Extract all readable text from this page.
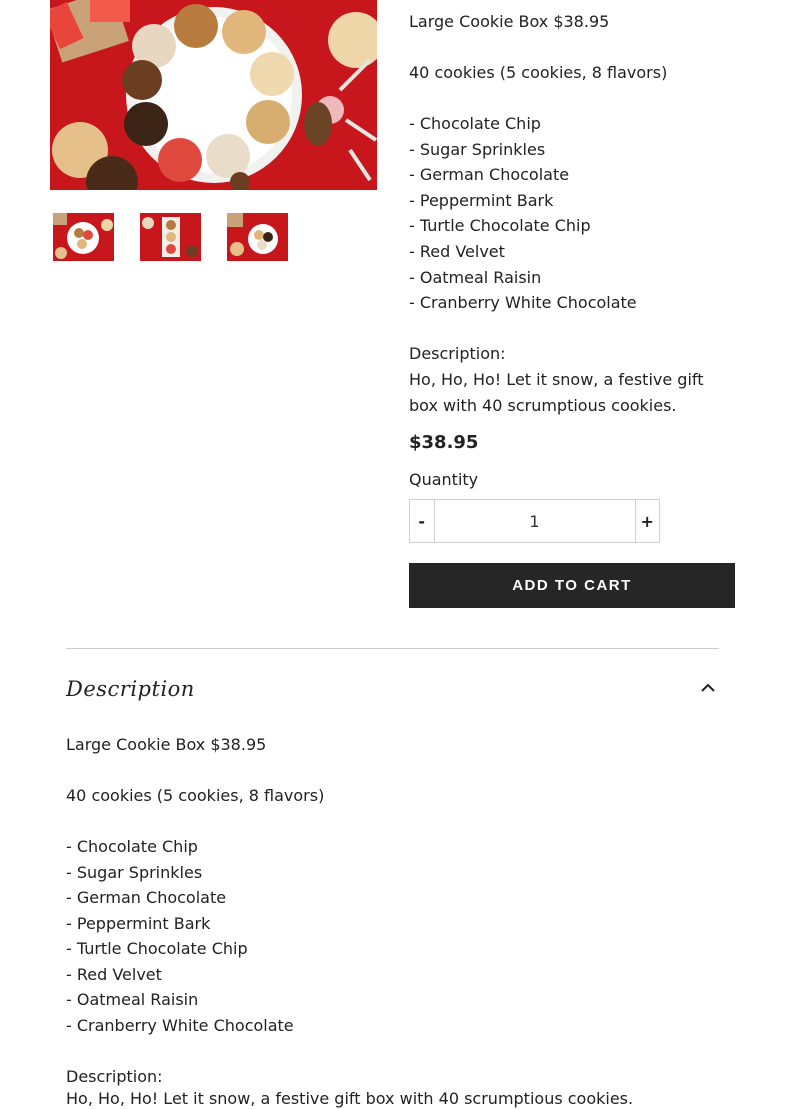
Large Cookie Box $38.95
40 cookies (5 cookies, 8 flavors)
- Chocolate Chip
- Sugar Sprinkles
- German Chocolate
- Peppermint Bark
- Turtle Chocolate Chip
- Red Velvet
- Oatmeal Raisin
- Cranberry White Chocolate
Description:
Ho, Ho, Ho! Let it snow, a festive gift box with 40 scrumptious cookies.
$38.95
Quantity
-
1	+
ADD TO CART
Description
Large Cookie Box $38.95
40 cookies (5 cookies, 8 flavors)
- Chocolate Chip
- Sugar Sprinkles
- German Chocolate
- Peppermint Bark
- Turtle Chocolate Chip
- Red Velvet
- Oatmeal Raisin
- Cranberry White Chocolate
Description:
Ho, Ho, Ho! Let it snow, a festive gift box with 40 scrumptious cookies.
